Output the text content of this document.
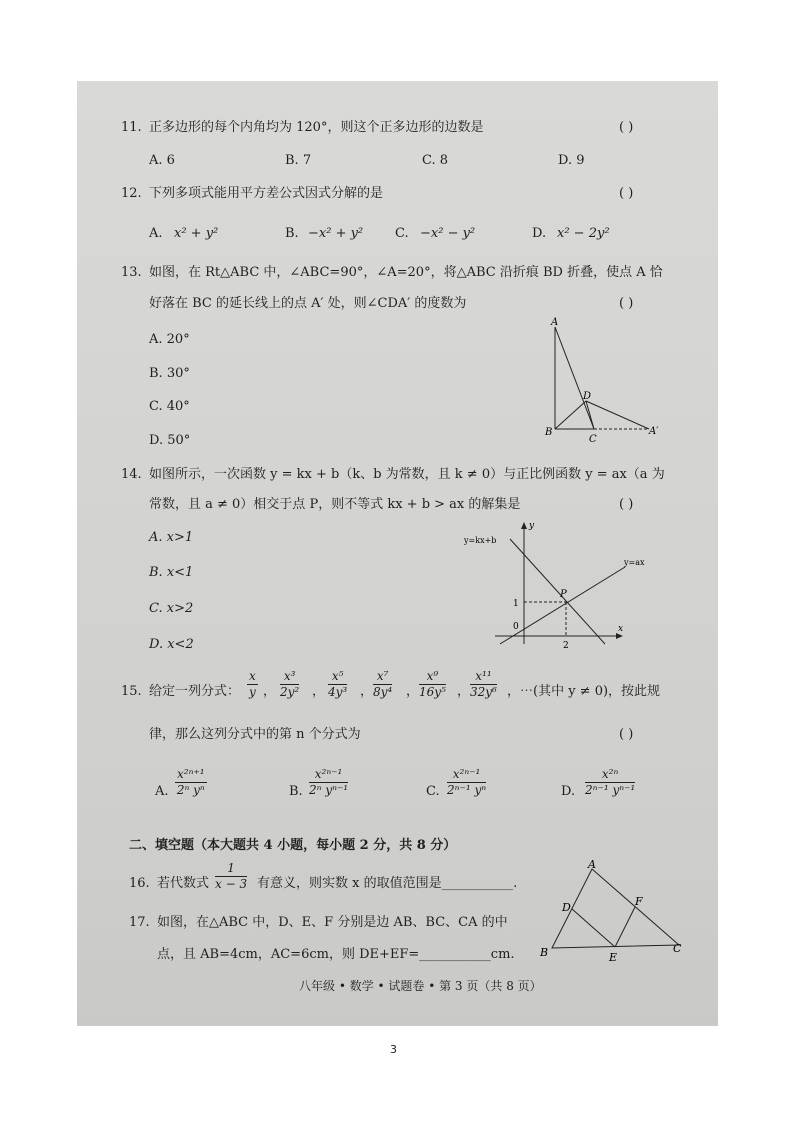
11. 正多边形的每个内角均为 120°，则这个正多边形的边数是	( )
A. 6	B. 7	C. 8	D. 9
12. 下列多项式能用平方差公式因式分解的是	( )
A. x² + y²	B. −x² + y² C. −x² − y²	D. x² − 2y²
13. 如图，在 Rt△ABC 中，∠ABC=90°，∠A=20°，将△ABC 沿折痕 BD 折叠，使点 A 恰
好落在 BC 的延长线上的点 A′ 处，则∠CDA′ 的度数为	( )
A. 20°
B. 30°
C. 40°
D. 50°
A
B
C
D
A′
14. 如图所示，一次函数 y = kx + b（k、b 为常数，且 k ≠ 0）与正比例函数 y = ax（a 为
常数，且 a ≠ 0）相交于点 P，则不等式 kx + b > ax 的解集是	( )
A. x>1
B. x<1
C. x>2
D. x<2
y
x
y=kx+b
y=ax
P
1
0
2
15. 给定一列分式： $\frac{x}{y}$ ， $\frac{\text{x³}}{\text{2y²}}$ ， $\frac{\text{x⁵}}{\text{4y³}}$ ， $\frac{\text{x⁷}}{\text{8y⁴}}$ ， $\frac{\text{x⁹}}{\text{16y⁵}}$ ， $\frac{\text{x¹¹}}{\text{32y⁶}}$ ，⋯(其中 y ≠ 0)，按此规
律，那么这列分式中的第 n 个分式为	( )
A. $\frac{\text{x²ⁿ⁺¹}}{\text{2ⁿ yⁿ}}$	B. $\frac{\text{x²ⁿ⁻¹}}{\text{2ⁿ yⁿ⁻¹}}$	C. $\frac{\text{x²ⁿ⁻¹}}{\text{2ⁿ⁻¹ yⁿ}}$	D. $\frac{\text{x²ⁿ}}{\text{2ⁿ⁻¹ yⁿ⁻¹}}$
二、填空题（本大题共 4 小题，每小题 2 分，共 8 分）
16. 若代数式 $\frac{1}{x - 3}$ 有意义，则实数 x 的取值范围是___________.
17. 如图，在△ABC 中，D、E、F 分别是边 AB、BC、CA 的中
点，且 AB=4cm，AC=6cm，则 DE+EF=___________cm.
A
B	C
D
E
F
八年级 • 数学 • 试题卷 • 第 3 页（共 8 页）
3
